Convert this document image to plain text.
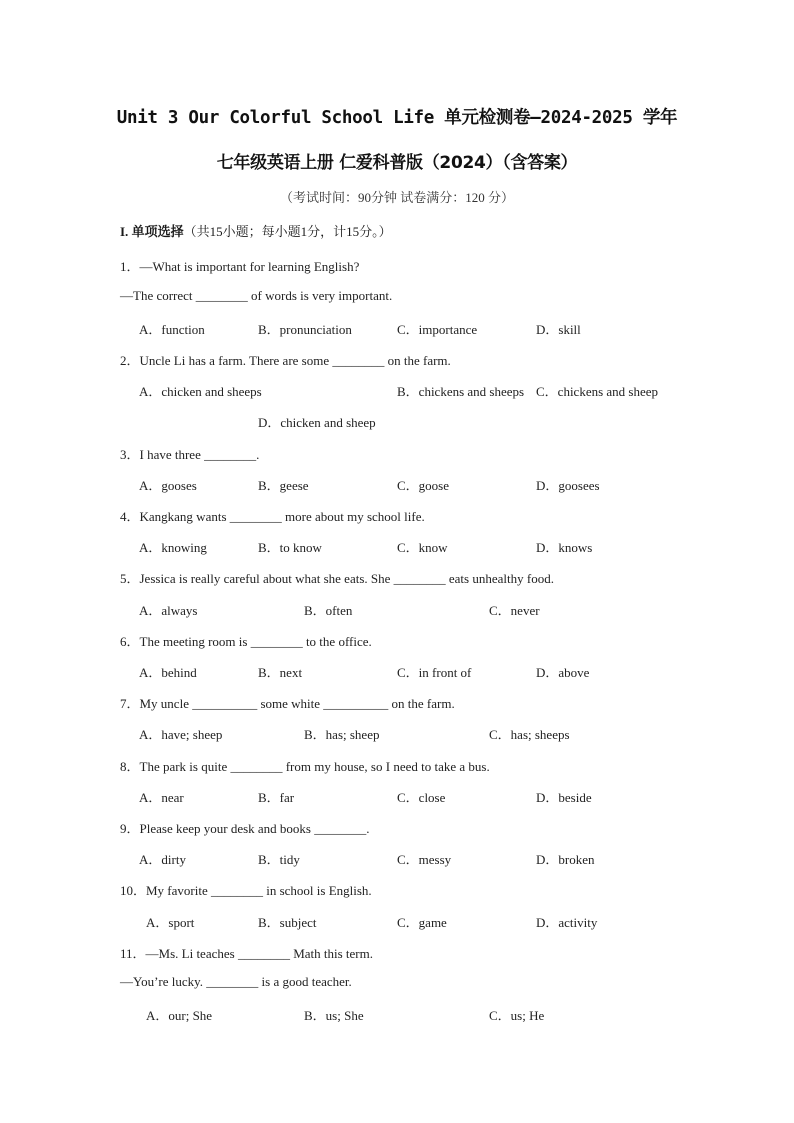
Unit 3 Our Colorful School Life 单元检测卷—2024-2025 学年
七年级英语上册 仁爱科普版（2024）（含答案）
（考试时间：90分钟 试卷满分：120 分）
I. 单项选择（共15小题；每小题1分，计15分。）
1．—What is important for learning English?
—The correct ________ of words is very important.
A．function	B．pronunciation	C．importance	D．skill
2．Uncle Li has a farm. There are some ________ on the farm.
A．chicken and sheeps	B．chickens and sheeps C．chickens and sheep
D．chicken and sheep
3．I have three ________.
A．gooses	B．geese	C．goose	D．goosees
4．Kangkang wants ________ more about my school life.
A．knowing	B．to know	C．know	D．knows
5．Jessica is really careful about what she eats. She ________ eats unhealthy food.
A．always	B．often	C．never
6．The meeting room is ________ to the office.
A．behind	B．next	C．in front of	D．above
7．My uncle __________ some white __________ on the farm.
A．have; sheep	B．has; sheep	C．has; sheeps
8．The park is quite ________ from my house, so I need to take a bus.
A．near	B．far	C．close	D．beside
9．Please keep your desk and books ________.
A．dirty	B．tidy	C．messy	D．broken
10．My favorite ________ in school is English.
A．sport	B．subject	C．game	D．activity
11．—Ms. Li teaches ________ Math this term.
—You’re lucky. ________ is a good teacher.
A．our; She	B．us; She	C．us; He
